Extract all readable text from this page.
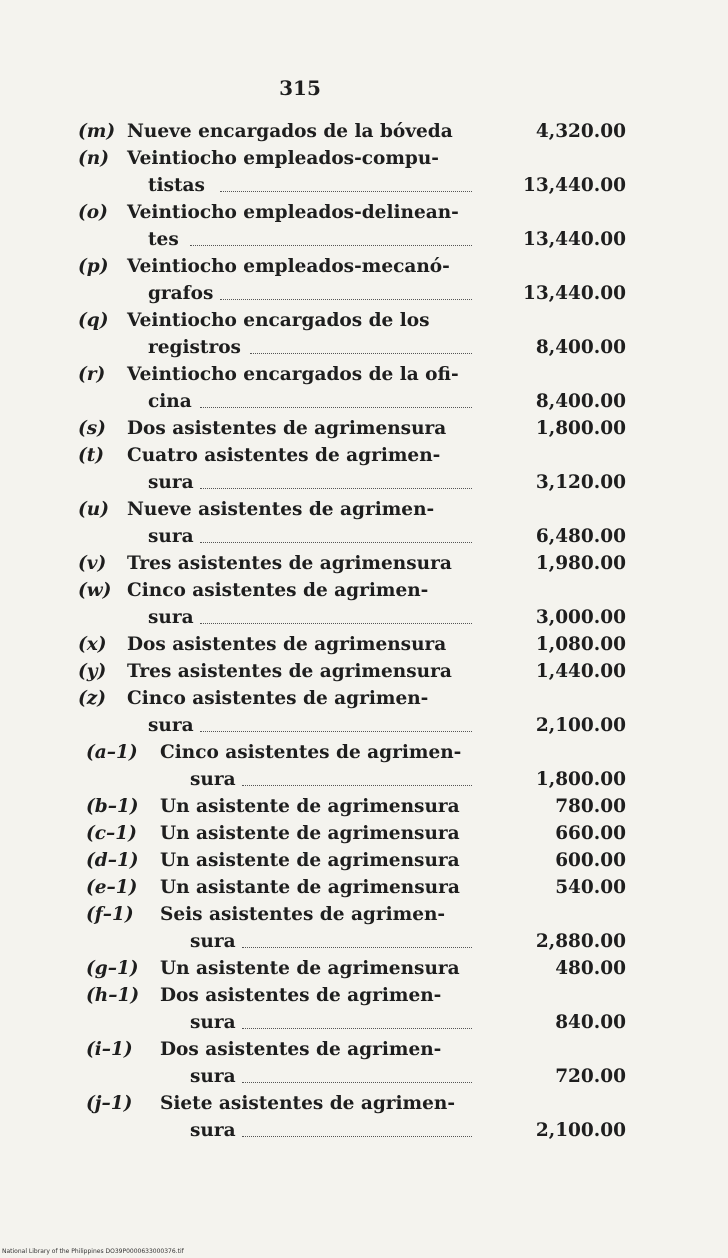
315
(m) Nueve encargados de la bóveda	4,320.00
(n) Veintiocho empleados-compu-
tistas	13,440.00
(o) Veintiocho empleados-delinean-
tes	13,440.00
(p) Veintiocho empleados-mecanó-
grafos	13,440.00
(q) Veintiocho encargados de los
registros	8,400.00
(r) Veintiocho encargados de la ofi-
cina	8,400.00
(s) Dos asistentes de agrimensura	1,800.00
(t) Cuatro asistentes de agrimen-
sura	3,120.00
(u) Nueve asistentes de agrimen-
sura	6,480.00
(v) Tres asistentes de agrimensura	1,980.00
(w) Cinco asistentes de agrimen-
sura	3,000.00
(x) Dos asistentes de agrimensura	1,080.00
(y) Tres asistentes de agrimensura	1,440.00
(z) Cinco asistentes de agrimen-
sura	2,100.00
(a–1) Cinco asistentes de agrimen-
sura	1,800.00
(b–1) Un asistente de agrimensura	780.00
(c–1) Un asistente de agrimensura	660.00
(d–1) Un asistente de agrimensura	600.00
(e–1) Un asistante de agrimensura	540.00
(f–1) Seis asistentes de agrimen-
sura	2,880.00
(g–1) Un asistente de agrimensura	480.00
(h–1) Dos asistentes de agrimen-
sura	840.00
(i–1) Dos asistentes de agrimen-
sura	720.00
(j–1) Siete asistentes de agrimen-
sura	2,100.00
National Library of the Philippines DO39P0000633000376.tif
